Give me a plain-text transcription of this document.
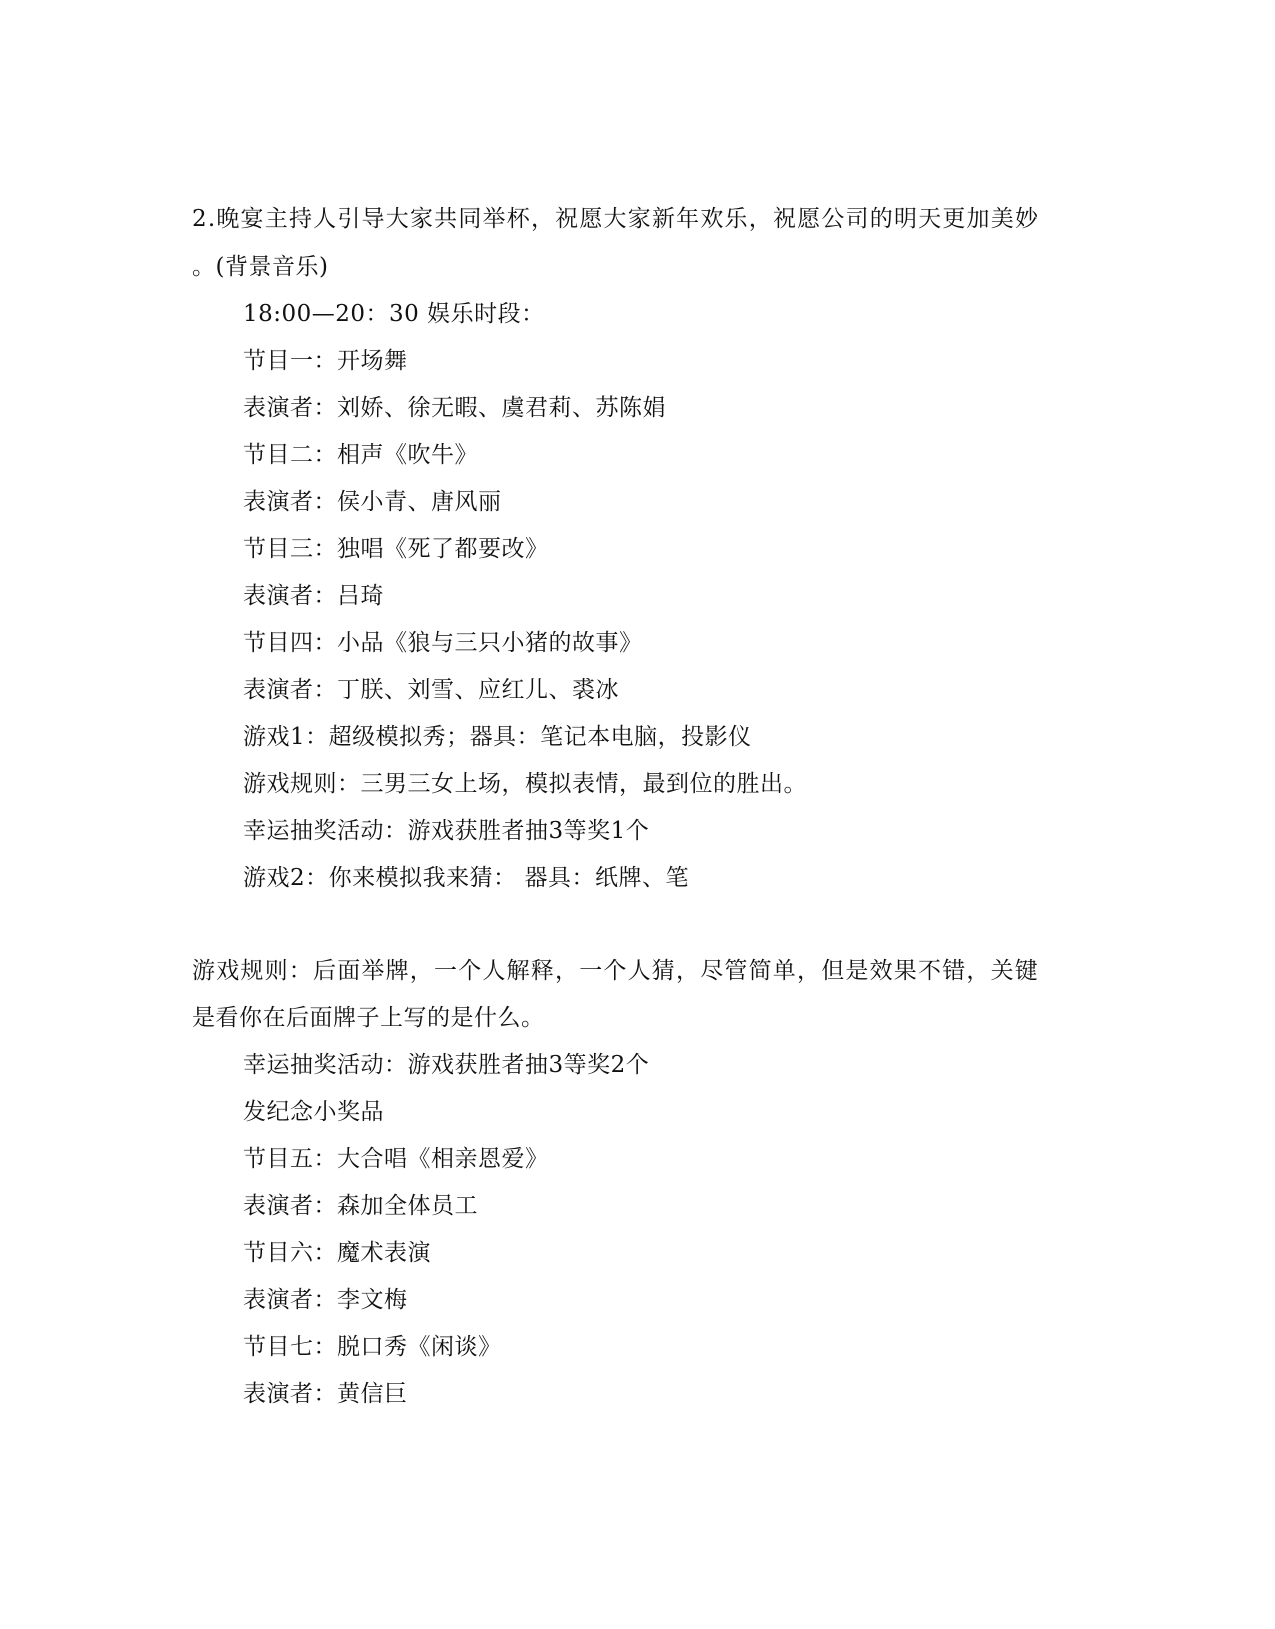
2.晚宴主持人引导大家共同举杯，祝愿大家新年欢乐，祝愿公司的明天更加美妙
。(背景音乐)
18:00—20：30 娱乐时段：
节目一：开场舞
表演者：刘娇、徐无暇、虞君莉、苏陈娟
节目二：相声《吹牛》
表演者：侯小青、唐风丽
节目三：独唱《死了都要改》
表演者：吕琦
节目四：小品《狼与三只小猪的故事》
表演者：丁朕、刘雪、应红儿、裘冰
游戏1：超级模拟秀；器具：笔记本电脑，投影仪
游戏规则：三男三女上场，模拟表情，最到位的胜出。
幸运抽奖活动：游戏获胜者抽3等奖1个
游戏2：你来模拟我来猜： 器具：纸牌、笔
游戏规则：后面举牌，一个人解释，一个人猜，尽管简单，但是效果不错，关键
是看你在后面牌子上写的是什么。
幸运抽奖活动：游戏获胜者抽3等奖2个
发纪念小奖品
节目五：大合唱《相亲恩爱》
表演者：森加全体员工
节目六：魔术表演
表演者：李文梅
节目七：脱口秀《闲谈》
表演者：黄信巨
